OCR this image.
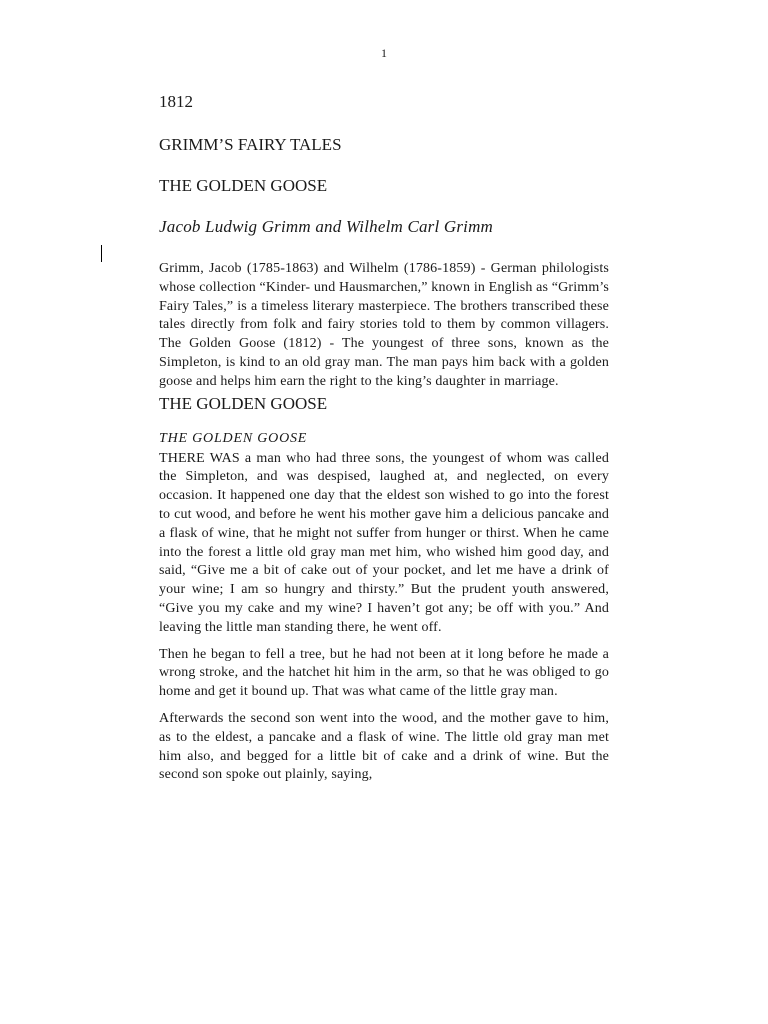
1
1812
GRIMM’S FAIRY TALES
THE GOLDEN GOOSE
Jacob Ludwig Grimm and Wilhelm Carl Grimm

Grimm, Jacob (1785-1863) and Wilhelm (1786-1859) - German philologists whose collection “Kinder- und Hausmarchen,” known in English as “Grimm’s Fairy Tales,” is a timeless literary masterpiece. The brothers transcribed these tales directly from folk and fairy stories told to them by common villagers. The Golden Goose (1812) - The youngest of three sons, known as the Simpleton, is kind to an old gray man. The man pays him back with a golden goose and helps him earn the right to the king’s daughter in marriage.

THE GOLDEN GOOSE
THE GOLDEN GOOSE

THERE WAS a man who had three sons, the youngest of whom was called the Simpleton, and was despised, laughed at, and neglected, on every occasion. It happened one day that the eldest son wished to go into the forest to cut wood, and before he went his mother gave him a delicious pancake and a flask of wine, that he might not suffer from hunger or thirst. When he came into the forest a little old gray man met him, who wished him good day, and said, “Give me a bit of cake out of your pocket, and let me have a drink of your wine; I am so hungry and thirsty.” But the prudent youth answered, “Give you my cake and my wine? I haven’t got any; be off with you.” And leaving the little man standing there, he went off.

Then he began to fell a tree, but he had not been at it long before he made a wrong stroke, and the hatchet hit him in the arm, so that he was obliged to go home and get it bound up. That was what came of the little gray man.

Afterwards the second son went into the wood, and the mother gave to him, as to the eldest, a pancake and a flask of wine. The little old gray man met him also, and begged for a little bit of cake and a drink of wine. But the second son spoke out plainly, saying,
